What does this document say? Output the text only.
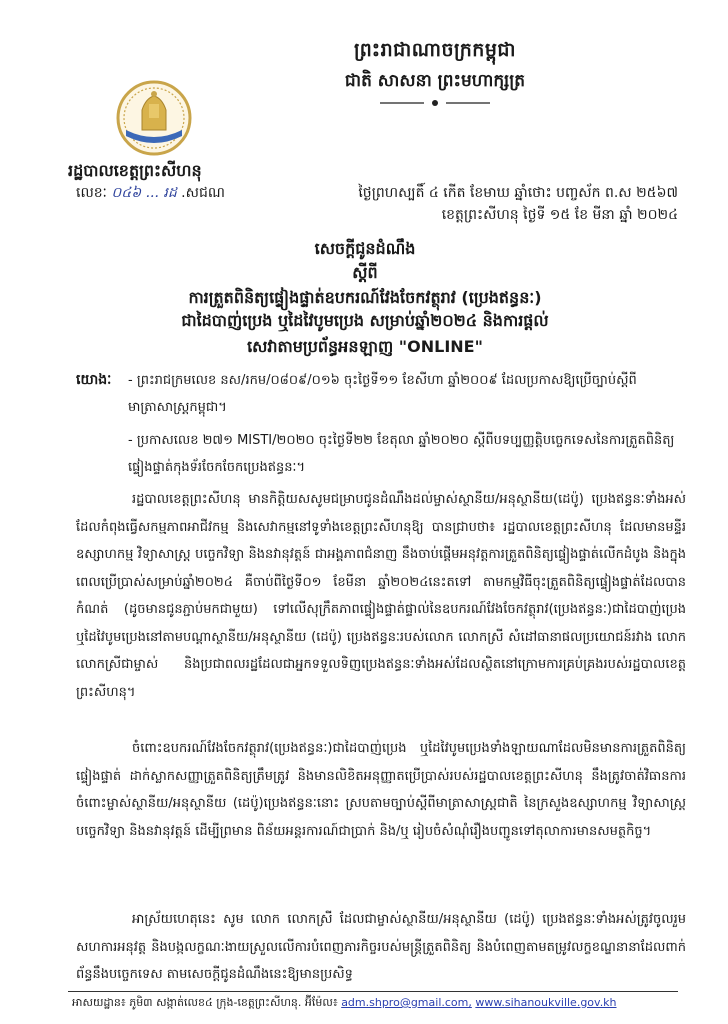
ព្រះរាជាណាចក្រកម្ពុជា
ជាតិ សាសនា ព្រះមហាក្សត្រ
រដ្ឋបាលខេត្តព្រះសីហនុ
លេខៈ ០៤៦ ... រដ .សជណ	ថ្ងៃព្រហស្បតិ៍ ៤ កើត ខែមាឃ ឆ្នាំថោះ បញ្ចស័ក ព.ស ២៥៦៧
ខេត្តព្រះសីហនុ ថ្ងៃទី ១៥ ខែ មីនា ឆ្នាំ ២០២៤
សេចក្តីជូនដំណឹង
ស្តីពី
ការត្រួតពិនិត្យផ្ទៀងផ្ទាត់ឧបករណ៍វែងចែកវត្ថុរាវ (ប្រេងឥន្ធនៈ)
ជាដៃបាញ់ប្រេង ឬដៃវៃបូមប្រេង សម្រាប់ឆ្នាំ២០២៤ និងការផ្តល់
សេវាតាមប្រព័ន្ធអនឡាញ "ONLINE"
យោងៈ - ព្រះរាជក្រមលេខ នស/រកម/០៨០៩/០១៦ ចុះថ្ងៃទី១១ ខែសីហា ឆ្នាំ២០០៩ ដែលប្រកាសឱ្យប្រើច្បាប់ស្តីពីមាត្រាសាស្ត្រកម្ពុជា។
- ប្រកាសលេខ ២៧១ MISTI/២០២០ ចុះថ្ងៃទី២២ ខែតុលា ឆ្នាំ២០២០ ស្តីពីបទប្បញ្ញត្តិបច្ចេកទេសនៃការត្រួតពិនិត្យផ្ទៀងផ្ទាត់កុងទ័រចែកចែកប្រេងឥន្ធនៈ។
រដ្ឋបាលខេត្តព្រះសីហនុ មានកិត្តិយសសូមជម្រាបជូនដំណឹងដល់ម្ចាស់ស្ថានីយ/អនុស្ថានីយ(ដេប៉ូ) ប្រេងឥន្ធនៈទាំងអស់ដែលកំពុងធ្វើសកម្មភាពអាជីវកម្ម និងសេវាកម្មនៅទូទាំងខេត្តព្រះសីហនុឱ្យ បានជ្រាបថា៖ រដ្ឋបាលខេត្តព្រះសីហនុ ដែលមានមន្ទីរឧស្សាហកម្ម វិទ្យាសាស្ត្រ បច្ចេកវិទ្យា និងនវានុវត្តន៍ ជាអង្គភាពជំនាញ នឹងចាប់ផ្តើមអនុវត្តការត្រួតពិនិត្យផ្ទៀងផ្ទាត់លើកដំបូង និងក្នុងពេលប្រើប្រាស់សម្រាប់ឆ្នាំ២០២៤ គឺចាប់ពីថ្ងៃទី០១ ខែមីនា ឆ្នាំ២០២៤នេះតទៅ តាមកម្មវិធីចុះត្រួតពិនិត្យផ្ទៀងផ្ទាត់ដែលបានកំណត់ (ដូចមានជូនភ្ជាប់មកជាមួយ) ទៅលើសុក្រឹតភាពផ្ទៀងផ្ទាត់ផ្ទាល់នៃឧបករណ៍វែងចែកវត្ថុរាវ(ប្រេងឥន្ធនៈ)ជាដៃបាញ់ប្រេង ឬដៃវៃបូមប្រេងនៅតាមបណ្តាស្ថានីយ/អនុស្ថានីយ (ដេប៉ូ) ប្រេងឥន្ធនៈរបស់លោក លោកស្រី សំដៅធានាផលប្រយោជន៍រវាង លោក លោកស្រីជាម្ចាស់ និងប្រជាពលរដ្ឋដែលជាអ្នកទទួលទិញប្រេងឥន្ធនៈទាំងអស់ដែលស្ថិតនៅក្រោមការគ្រប់គ្រងរបស់រដ្ឋបាលខេត្តព្រះសីហនុ។
ចំពោះឧបករណ៍វែងចែកវត្ថុរាវ(ប្រេងឥន្ធនៈ)ជាដៃបាញ់ប្រេង ឬដៃវៃបូមប្រេងទាំងឡាយណាដែលមិនមានការត្រួតពិនិត្យផ្ទៀងផ្ទាត់ ដាក់ស្លាកសញ្ញាត្រួតពិនិត្យត្រឹមត្រូវ និងមានលិខិតអនុញ្ញាតប្រើប្រាស់របស់រដ្ឋបាលខេត្តព្រះសីហនុ នឹងត្រូវចាត់វិធានការចំពោះម្ចាស់ស្ថានីយ/អនុស្ថានីយ (ដេប៉ូ)ប្រេងឥន្ធនៈនោះ ស្របតាមច្បាប់ស្តីពីមាត្រាសាស្ត្រជាតិ នៃក្រសួងឧស្សាហកម្ម វិទ្យាសាស្ត្រ បច្ចេកវិទ្យា និងនវានុវត្តន៍ ដើម្បីព្រមាន ពិន័យអន្តរការណ៍ជាប្រាក់ និង/ឬ រៀបចំសំណុំរឿងបញ្ជូនទៅតុលាការមានសមត្ថកិច្ច។
អាស្រ័យហេតុនេះ សូម លោក លោកស្រី ដែលជាម្ចាស់ស្ថានីយ/អនុស្ថានីយ (ដេប៉ូ) ប្រេងឥន្ធនៈទាំងអស់ត្រូវចូលរួមសហការអនុវត្ត និងបង្កលក្ខណៈងាយស្រួលលើការបំពេញភារកិច្ចរបស់មន្ត្រីត្រួតពិនិត្យ និងបំពេញតាមតម្រូវលក្ខខណ្ឌនានាដែលពាក់ព័ន្ធនឹងបច្ចេកទេស តាមសេចក្តីជូនដំណឹងនេះឱ្យមានប្រសិទ្ធ
អាសយដ្ឋាន៖ ភូមិ៣ សង្កាត់លេខ៤ ក្រុង-ខេត្តព្រះសីហនុ. អ៊ីម៉ែល៖ adm.shpro@gmail.com, www.sihanoukville.gov.kh
